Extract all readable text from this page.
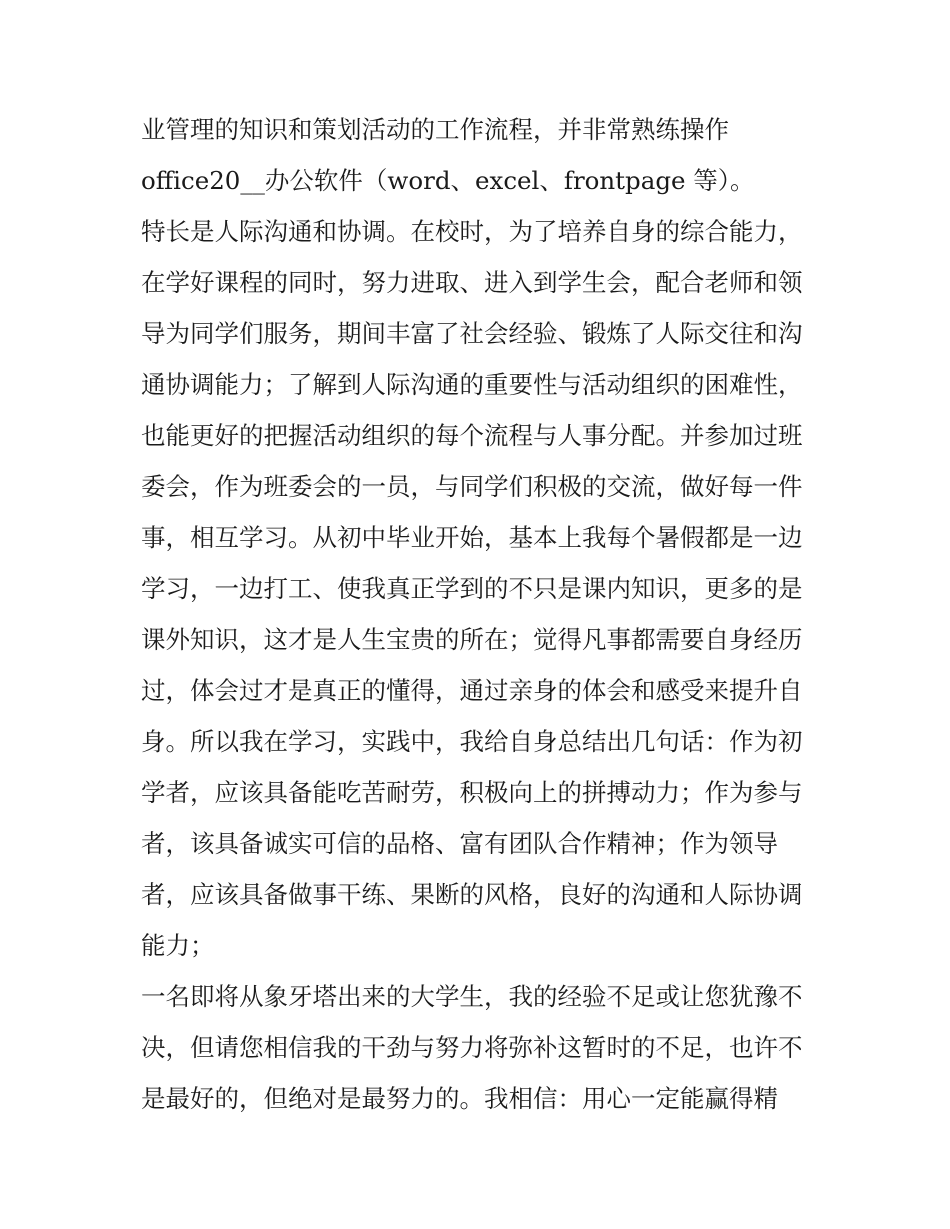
业管理的知识和策划活动的工作流程，并非常熟练操作
office20__办公软件（word、excel、frontpage 等）。
特长是人际沟通和协调。在校时，为了培养自身的综合能力，
在学好课程的同时，努力进取、进入到学生会，配合老师和领
导为同学们服务，期间丰富了社会经验、锻炼了人际交往和沟
通协调能力；了解到人际沟通的重要性与活动组织的困难性，
也能更好的把握活动组织的每个流程与人事分配。并参加过班
委会，作为班委会的一员，与同学们积极的交流，做好每一件
事，相互学习。从初中毕业开始，基本上我每个暑假都是一边
学习，一边打工、使我真正学到的不只是课内知识，更多的是
课外知识，这才是人生宝贵的所在；觉得凡事都需要自身经历
过，体会过才是真正的懂得，通过亲身的体会和感受来提升自
身。所以我在学习，实践中，我给自身总结出几句话：作为初
学者，应该具备能吃苦耐劳，积极向上的拼搏动力；作为参与
者，该具备诚实可信的品格、富有团队合作精神；作为领导
者，应该具备做事干练、果断的风格，良好的沟通和人际协调
能力；
一名即将从象牙塔出来的大学生，我的经验不足或让您犹豫不
决，但请您相信我的干劲与努力将弥补这暂时的不足，也许不
是最好的，但绝对是最努力的。我相信：用心一定能赢得精
